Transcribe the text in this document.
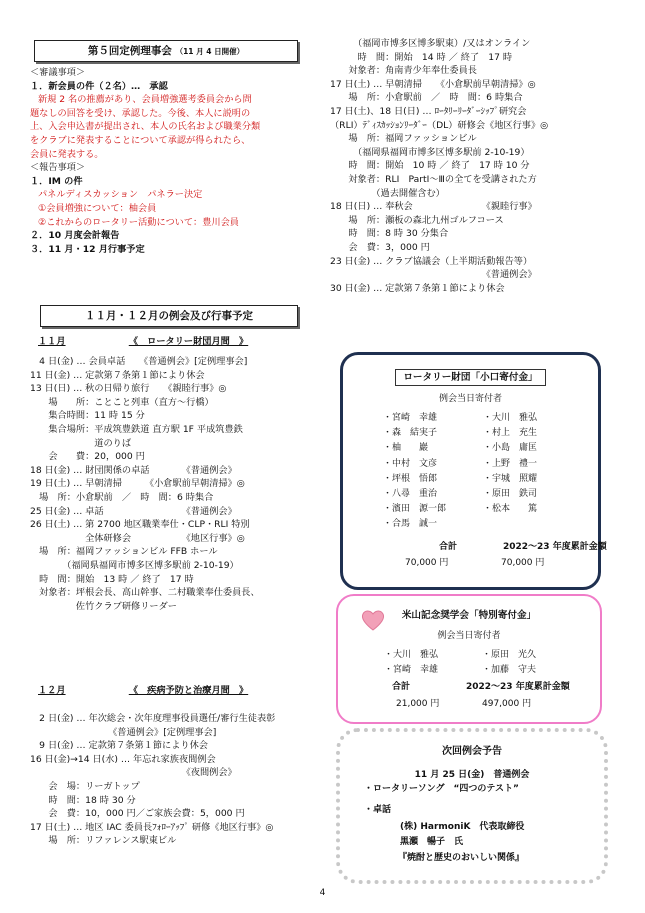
第５回定例理事会 （11 月 4 日開催）
＜審議事項＞
１．新会員の件（２名）…　承認
新規 2 名の推薦があり、会員増強選考委員会から問
題なしの回答を受け、承認した。今後、本人に説明の
上、入会申込書が提出され、本人の氏名および職業分類
をクラブに発表することについて承認が得られたら、
会員に発表する。
＜報告事項＞
１．IM の件
パネルディスカッション　パネラー決定
①会員増強について：柚会員
②これからのロータリー活動について：豊川会員
２．10 月度会計報告
３．11 月・12 月行事予定
１１月・１２月の例会及び行事予定
１１月	《　ロータリー財団月間　》
　4 日(金) … 会員卓話　　《普通例会》[定例理事会]
11 日(金) … 定款第７条第１節により休会
13 日(日) … 秋の日帰り旅行　　《親睦行事》◎
　　場　　所：ことこと列車（直方～行橋）
　　集合時間：11 時 15 分
　　集合場所：平成筑豊鉄道 直方駅 1F 平成筑豊鉄
　　　　　　　道のりば
　　会　　費：20，000 円
18 日(金) … 財団関係の卓話　　　　《普通例会》
19 日(土) … 早朝清掃　　　《小倉駅前早朝清掃》◎
　場　所：小倉駅前　／　時　間：6 時集合
25 日(金) … 卓話　　　　　　　　　《普通例会》
26 日(土) … 第 2700 地区職業奉仕・CLP・RLI 特別
　　　　　　全体研修会　　　　　　《地区行事》◎
　場　所：福岡ファッションビル FFB ホール
　　　　（福岡県福岡市博多区博多駅前 2-10-19）
　時　間：開始　13 時 ／ 終了　17 時
　対象者：坪根会長、高山幹事、二村職業奉仕委員長、
　　　　　佐竹クラブ研修リーダー
１２月	《　疾病予防と治療月間　》
　2 日(金) … 年次総会・次年度理事役員選任/審行生徒表彰
　　　　　　　　　《普通例会》[定例理事会]
　9 日(金) … 定款第７条第１節により休会
16 日(金)→14 日(水) … 年忘れ家族夜間例会
　　　　　　　　　　　　　　　　　《夜間例会》
　　会　場：リーガトップ
　　時　間：18 時 30 分
　　会　費：10，000 円／ご家族会費：5，000 円
17 日(土) … 地区 IAC 委員長ﾌｫﾛｰｱｯﾌﾟ 研修《地区行事》◎
　　場　所：リファレンス駅東ビル
　　　（福岡市博多区博多駅東）/又はオンライン
　　　時　間：開始　14 時 ／ 終了　17 時
　　対象者：角南青少年奉仕委員長
17 日(土) … 早朝清掃　　《小倉駅前早朝清掃》◎
　　場　所：小倉駅前　／　時　間：6 時集合
17 日(土)、18 日(日) … ﾛｰﾀﾘｰﾘｰﾀﾞｰｼｯﾌﾟ研究会
（RLI）ﾃﾞｨｽｶｯｼｮﾝﾘｰﾀﾞｰ（DL）研修会《地区行事》◎
　　場　所：福岡ファッションビル
　　　（福岡県福岡市博多区博多駅前 2-10-19）
　　時　間：開始　10 時 ／ 終了　17 時 10 分
　　対象者：RLI　PartⅠ～Ⅲの全てを受講された方
　　　　　（過去開催含む）
18 日(日) … 奉秋会　　　　　　　　《親睦行事》
　　場　所：瀬板の森北九州ゴルフコース
　　時　間：8 時 30 分集合
　　会　費：3，000 円
23 日(金) … クラブ協議会（上半期活動報告等）
　　　　　　　　　　　　　　　　　《普通例会》
30 日(金) … 定款第７条第１節により休会
ロータリー財団「小口寄付金」
例会当日寄付者
・宮崎　幸雄
・森　結実子
・柚　　巖
・中村　文彦
・坪根　悟郎
・八尋　重治
・濱田　源一郎
・合馬　誠一
・大川　雅弘
・村上　充生
・小島　庸匡
・上野　禮一
・宇城　照耀
・原田　鉄司
・松本　　篤
合計	2022～23 年度累計金額
70,000 円	70,000 円
米山記念奨学会「特別寄付金」
例会当日寄付者
・大川　雅弘
・宮崎　幸雄
・原田　光久
・加藤　守夫
合計	2022～23 年度累計金額
21,000 円	497,000 円
次回例会予告
11 月 25 日(金)　普通例会
・ロータリーソング　“四つのテスト”
・卓話
(株) HarmoniK　代表取締役
黒瀬　暢子　氏
『焼酎と歴史のおいしい関係』
4
